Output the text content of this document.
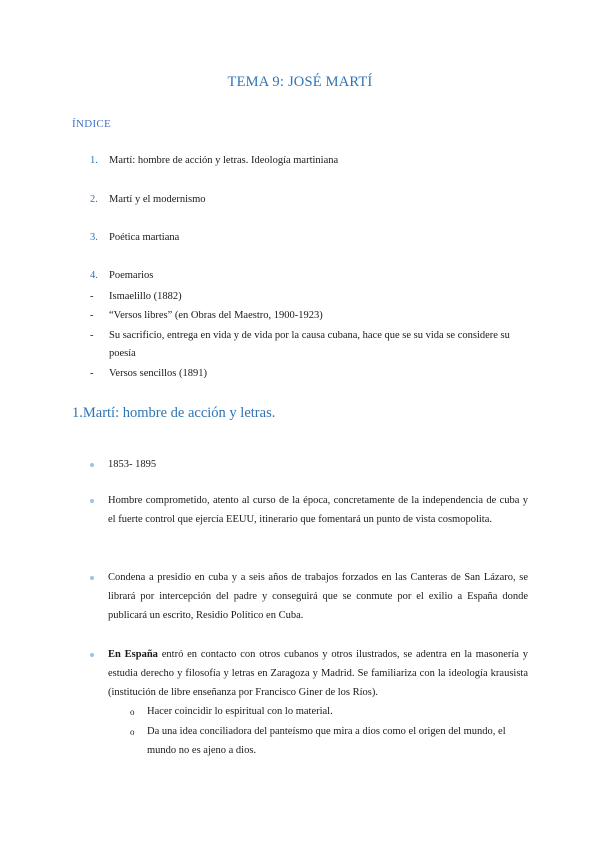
TEMA 9: JOSÉ MARTÍ
ÍNDICE
1. Martí: hombre de acción y letras. Ideología martiniana
2. Martí y el modernismo
3. Poética martiana
4. Poemarios
-	Ismaelillo (1882)
-	“Versos libres” (en Obras del Maestro, 1900-1923)
-	Su sacrificio, entrega en vida y de vida por la causa cubana, hace que se su vida se considere su poesía
-	Versos sencillos (1891)
1.Martí: hombre de acción y letras.
1853- 1895
Hombre comprometido, atento al curso de la época, concretamente de la independencia de cuba y el fuerte control que ejercía EEUU, itinerario que fomentará un punto de vista cosmopolita.
Condena a presidio en cuba y a seis años de trabajos forzados en las Canteras de San Lázaro, se librará por intercepción del padre y conseguirá que se conmute por el exilio a España donde publicará un escrito, Residio Político en Cuba.
En España entró en contacto con otros cubanos y otros ilustrados, se adentra en la masonería y estudia derecho y filosofía y letras en Zaragoza y Madrid. Se familiariza con la ideología krausista (institución de libre enseñanza por Francisco Giner de los Ríos).
o	Hacer coincidir lo espiritual con lo material.
o	Da una idea conciliadora del panteísmo que mira a dios como el origen del mundo, el mundo no es ajeno a dios.
